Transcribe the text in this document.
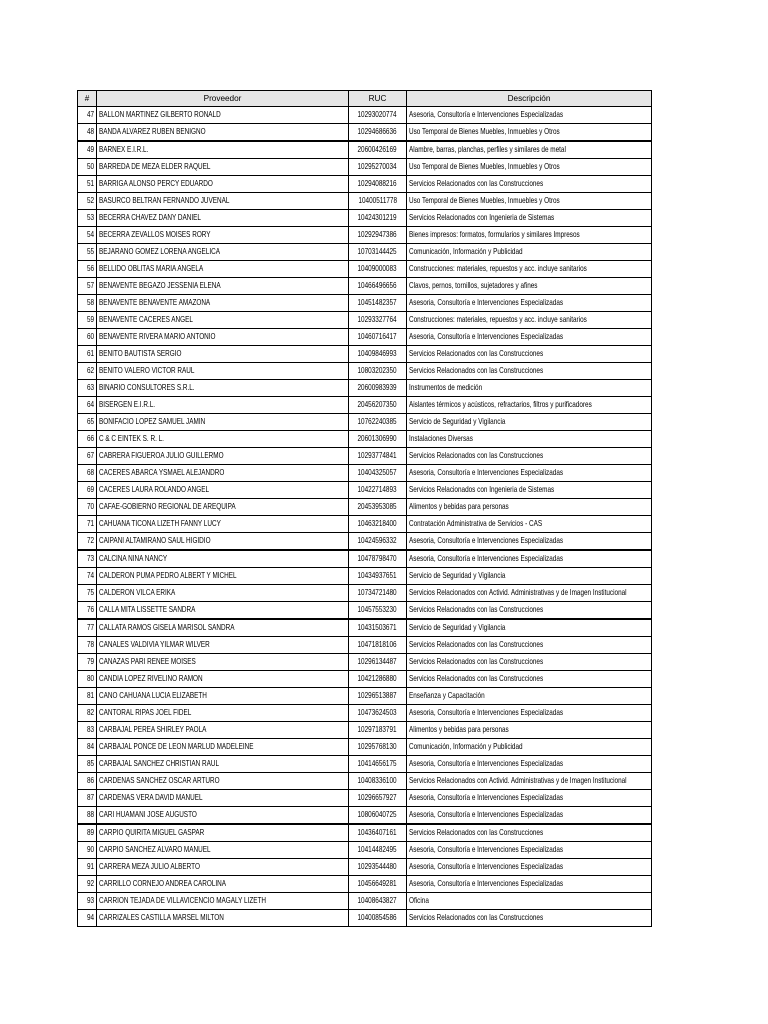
#	Proveedor	RUC	Descripción
47	BALLON MARTINEZ GILBERTO RONALD	10293020774	Asesoria, Consultoría e Intervenciones Especializadas
48	BANDA ALVAREZ RUBEN BENIGNO	10294686636	Uso Temporal de Bienes Muebles, Inmuebles y Otros
49	BARNEX E.I.R.L.	20600426169	Alambre, barras, planchas, perfiles y similares de metal
50	BARREDA DE MEZA ELDER RAQUEL	10295270034	Uso Temporal de Bienes Muebles, Inmuebles y Otros
51	BARRIGA ALONSO PERCY EDUARDO	10294088216	Servicios Relacionados con las Construcciones
52	BASURCO BELTRAN FERNANDO JUVENAL	10400511778	Uso Temporal de Bienes Muebles, Inmuebles y Otros
53	BECERRA CHAVEZ DANY DANIEL	10424301219	Servicios Relacionados con Ingenieria de Sistemas
54	BECERRA ZEVALLOS MOISES RORY	10292947386	Bienes impresos: formatos, formularios y similares Impresos
55	BEJARANO GOMEZ LORENA ANGELICA	10703144425	Comunicación, Información y Publicidad
56	BELLIDO OBLITAS MARIA ANGELA	10409000083	Construcciones: materiales, repuestos y acc. incluye sanitarios
57	BENAVENTE BEGAZO JESSENIA ELENA	10466496656	Clavos, pernos, tornillos, sujetadores y afines
58	BENAVENTE BENAVENTE AMAZONA	10451482357	Asesoria, Consultoría e Intervenciones Especializadas
59	BENAVENTE CACERES ANGEL	10293327764	Construcciones: materiales, repuestos y acc. incluye sanitarios
60	BENAVENTE RIVERA MARIO ANTONIO	10460716417	Asesoria, Consultoría e Intervenciones Especializadas
61	BENITO BAUTISTA SERGIO	10409846993	Servicios Relacionados con las Construcciones
62	BENITO VALERO VICTOR RAUL	10803202350	Servicios Relacionados con las Construcciones
63	BINARIO CONSULTORES S.R.L.	20600983939	Instrumentos de medición
64	BISERGEN E.I.R.L.	20456207350	Aislantes térmicos y acústicos, refractarios, filtros y purificadores
65	BONIFACIO LOPEZ SAMUEL JAMIN	10762240385	Servicio de Seguridad y Vigilancia
66	C & C EINTEK S. R. L.	20601306990	Instalaciones Diversas
67	CABRERA FIGUEROA JULIO GUILLERMO	10293774841	Servicios Relacionados con las Construcciones
68	CACERES ABARCA YSMAEL ALEJANDRO	10404325057	Asesoria, Consultoría e Intervenciones Especializadas
69	CACERES LAURA ROLANDO ANGEL	10422714893	Servicios Relacionados con Ingenieria de Sistemas
70	CAFAE-GOBIERNO REGIONAL DE AREQUIPA	20453953085	Alimentos y bebidas para personas
71	CAHUANA TICONA LIZETH FANNY LUCY	10463218400	Contratación Administrativa de Servicios - CAS
72	CAIPANI ALTAMIRANO SAUL HIGIDIO	10424596332	Asesoria, Consultoría e Intervenciones Especializadas
73	CALCINA NINA NANCY	10478798470	Asesoria, Consultoría e Intervenciones Especializadas
74	CALDERON PUMA PEDRO ALBERT Y MICHEL	10434937651	Servicio de Seguridad y Vigilancia
75	CALDERON VILCA ERIKA	10734721480	Servicios Relacionados con Activid. Administrativas y de Imagen Institucional
76	CALLA MITA LISSETTE SANDRA	10457553230	Servicios Relacionados con las Construcciones
77	CALLATA RAMOS GISELA MARISOL SANDRA	10431503671	Servicio de Seguridad y Vigilancia
78	CANALES VALDIVIA YILMAR WILVER	10471818106	Servicios Relacionados con las Construcciones
79	CANAZAS PARI RENEE MOISES	10296134487	Servicios Relacionados con las Construcciones
80	CANDIA LOPEZ RIVELINO RAMON	10421286880	Servicios Relacionados con las Construcciones
81	CANO CAHUANA LUCIA ELIZABETH	10296513887	Enseñanza y Capacitación
82	CANTORAL RIPAS JOEL FIDEL	10473624503	Asesoria, Consultoría e Intervenciones Especializadas
83	CARBAJAL PEREA SHIRLEY PAOLA	10297183791	Alimentos y bebidas para personas
84	CARBAJAL PONCE DE LEON MARLUD MADELEINE	10295768130	Comunicación, Información y Publicidad
85	CARBAJAL SANCHEZ CHRISTIAN RAUL	10414656175	Asesoria, Consultoría e Intervenciones Especializadas
86	CARDENAS SANCHEZ OSCAR ARTURO	10408336100	Servicios Relacionados con Activid. Administrativas y de Imagen Institucional
87	CARDENAS VERA DAVID MANUEL	10296657927	Asesoria, Consultoría e Intervenciones Especializadas
88	CARI HUAMANI JOSE AUGUSTO	10806040725	Asesoria, Consultoría e Intervenciones Especializadas
89	CARPIO QUIRITA MIGUEL GASPAR	10436407161	Servicios Relacionados con las Construcciones
90	CARPIO SANCHEZ ALVARO MANUEL	10414482495	Asesoria, Consultoría e Intervenciones Especializadas
91	CARRERA MEZA JULIO ALBERTO	10293544480	Asesoria, Consultoría e Intervenciones Especializadas
92	CARRILLO CORNEJO ANDREA CAROLINA	10456649281	Asesoria, Consultoría e Intervenciones Especializadas
93	CARRION TEJADA DE VILLAVICENCIO MAGALY LIZETH	10408643827	Oficina
94	CARRIZALES CASTILLA MARSEL MILTON	10400854586	Servicios Relacionados con las Construcciones
